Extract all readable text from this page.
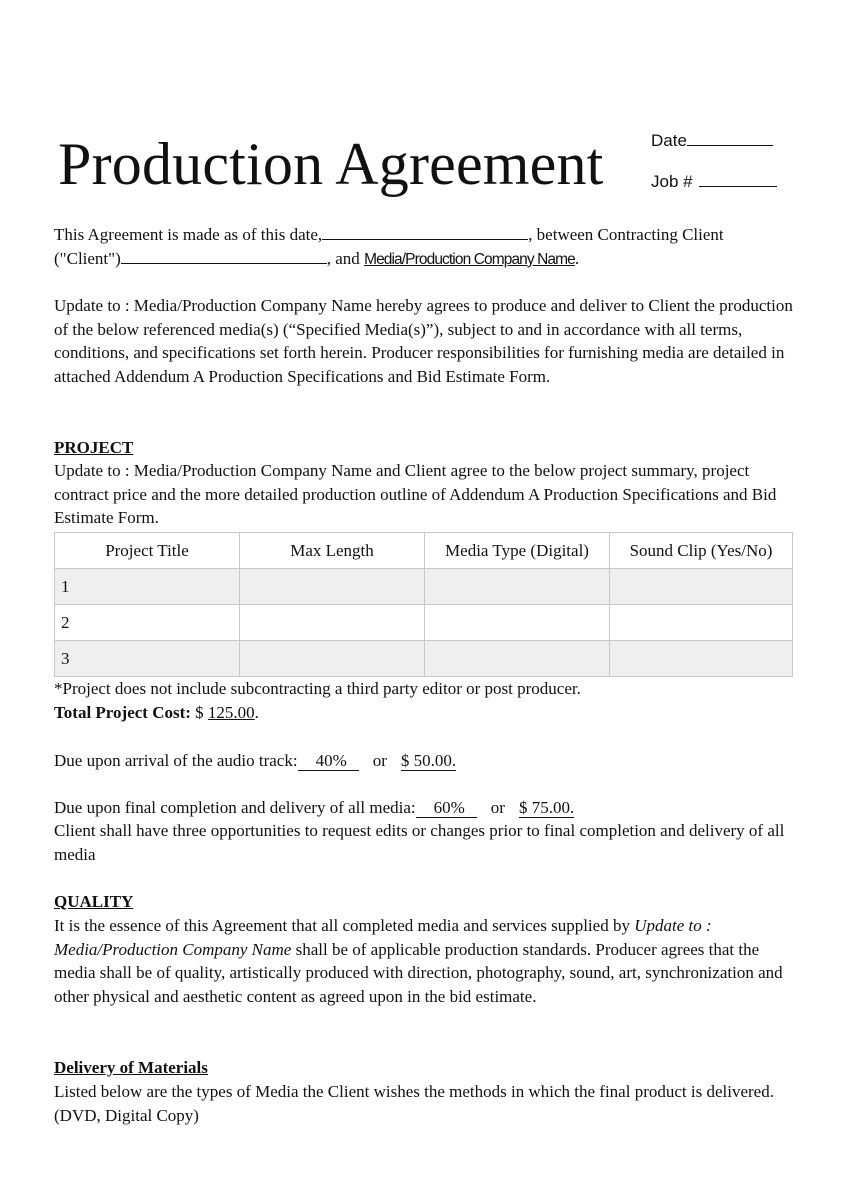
Production Agreement	Date
Job #

This Agreement is made as of this date,	, between Contracting Client
("Client")	, and Media/Production Company Name.

Update to : Media/Production Company Name hereby agrees to produce and deliver to Client the production of the below referenced media(s) (“Specified Media(s)”), subject to and in accordance with all terms, conditions, and specifications set forth herein. Producer responsibilities for furnishing media are detailed in attached Addendum A Production Specifications and Bid Estimate Form.

PROJECT

Update to : Media/Production Company Name and Client agree to the below project summary, project contract price and the more detailed production outline of Addendum A Production Specifications and Bid Estimate Form.

Project Title	Max Length	Media Type (Digital)	Sound Clip (Yes/No)
1			
2			
3			

*Project does not include subcontracting a third party editor or post producer.

Total Project Cost: $ 125.00.

Due upon arrival of the audio track: 40% or $ 50.00.

Due upon final completion and delivery of all media: 60% or $ 75.00.

Client shall have three opportunities to request edits or changes prior to final completion and delivery of all media

QUALITY

It is the essence of this Agreement that all completed media and services supplied by Update to : Media/Production Company Name shall be of applicable production standards. Producer agrees that the media shall be of quality, artistically produced with direction, photography, sound, art, synchronization and other physical and aesthetic content as agreed upon in the bid estimate.

Delivery of Materials

Listed below are the types of Media the Client wishes the methods in which the final product is delivered. (DVD, Digital Copy)
